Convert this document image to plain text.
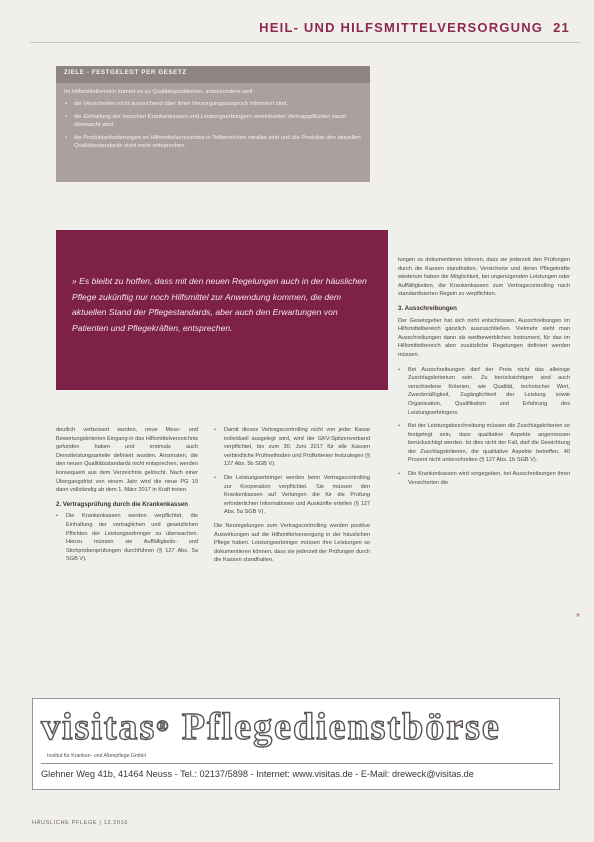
HEIL- UND HILFSMITTELVERSORGUNG 21
ZIELE - FESTGELEGT PER GESETZ
Im Hilfsmittelbereich kommt es zu Qualitätsproblemen, insbesondere weil
• die Versicherten nicht ausreichend über ihren Versorgungsanspruch informiert sind.
• die Einhaltung der zwischen Krankenkassen und Leistungserbringern vereinbarten Vertragspflichten kaum überwacht wird.
• die Produktanforderungen im Hilfsmittelverzeichnis in Teilbereichen veraltet sind und die Produkte den aktuellen Qualitätsstandards nicht mehr entsprechen.
» Es bleibt zu hoffen, dass mit den neuen Regelungen auch in der häuslichen Pflege zukünftig nur noch Hilfsmittel zur Anwendung kommen, die dem aktuellen Stand der Pflegestandards, aber auch den Erwartungen von Patienten und Pflegekräften, entsprechen.

deutlich verbessert wurden, neue Mess- und Bewertungskriterien Eingang in das Hilfsmittelverzeichnis gefunden haben und erstmals auch Dienstleistungsanteile definiert wurden. Ansonsten, die den neuen Qualitätsstandards nicht entsprechen, werden konsequent aus dem Verzeichnis gelöscht. Nach einer Übergangsfrist von einem Jahr wird die neue PG 19 dann vollständig ab dem 1. März 2017 in Kraft treten.

2. Vertragsprüfung durch die Krankenkassen
• Die Krankenkassen werden verpflichtet, die Einhaltung der vertraglichen und gesetzlichen Pflichten der Leistungserbringer zu überwachen. Hierzu müssen sie Auffälligkeits- und Stichprobenprüfungen durchführen (§ 127 Abs. 5a SGB V).
• Damit dieses Vertragscontrolling nicht von jeder Kasse individuell ausgelegt wird, wird der GKV-Spitzenverband verpflichtet, bis zum 30. Juni 2017 für alle Kassen verbindliche Prüfmethoden und Prüfkriterien festzulegen (§ 127 Abs. 5b SGB V).
• Die Leistungserbringer werden beim Vertragscontrolling zur Kooperation verpflichtet. Sie müssen den Krankenkassen auf Verlangen die für die Prüfung erforderlichen Informationen und Auskünfte erteilen (§ 127 Abs. 5a SGB V).

Die Neuregelungen zum Vertragscontrolling werden positive Auswirkungen auf die Hilfsmittelversorgung in der häuslichen Pflege haben. Leistungserbringer müssen ihre Leistungen so dokumentieren können, dass sie jederzeit der Prüfungen durch die Kassen standhalten.

tungen so dokumentieren können, dass sie jederzeit den Prüfungen durch die Kassen standhalten. Versicherte und deren Pflegekräfte wiederum haben die Möglichkeit, bei ungenügenden Leistungen oder Auffälligkeiten, die Krankenkassen zum Vertragscontrolling nach standardisierten Regeln zu verpflichten.

3. Ausschreibungen

Der Gesetzgeber hat sich nicht entschlossen, Ausschreibungen im Hilfsmittelbereich gänzlich auszuschließen. Vielmehr sieht man Ausschreibungen dann als wettbewerbliches Instrument, für das im Hilfsmittelbereich aber zusätzliche Regelungen definiert werden müssen.

• Bei Ausschreibungen darf der Preis nicht das alleinige Zuschlagskriterium sein. Zu berücksichtigen sind auch verschiedene Kriterien, wie Qualität, technischer Wert, Zweckmäßigkeit, Zugänglichkeit der Leistung sowie Organisation, Qualifikation und Erfahrung des Leistungserbringers.
• Bei der Leistungsbeschreibung müssen die Zuschlagskriterien so festgelegt sein, dass qualitative Aspekte angemessen berücksichtigt werden. Ist dies nicht der Fall, darf die Gewichtung der Zuschlagskriterien, die qualitative Aspekte betreffen, 40 Prozent nicht unterschreiten (§ 127 Abs. 1b SGB V).
• Die Krankenkassen wird vorgegeben, bei Ausschreibungen ihren Versicherten die
»
visitas® Pflegedienstbörse
Institut für Kranken- und Altenpflege GmbH
Glehner Weg 41b, 41464 Neuss - Tel.: 02137/5898 - Internet: www.visitas.de - E-Mail: dreweck@visitas.de
HÄUSLICHE PFLEGE | 12.2016
